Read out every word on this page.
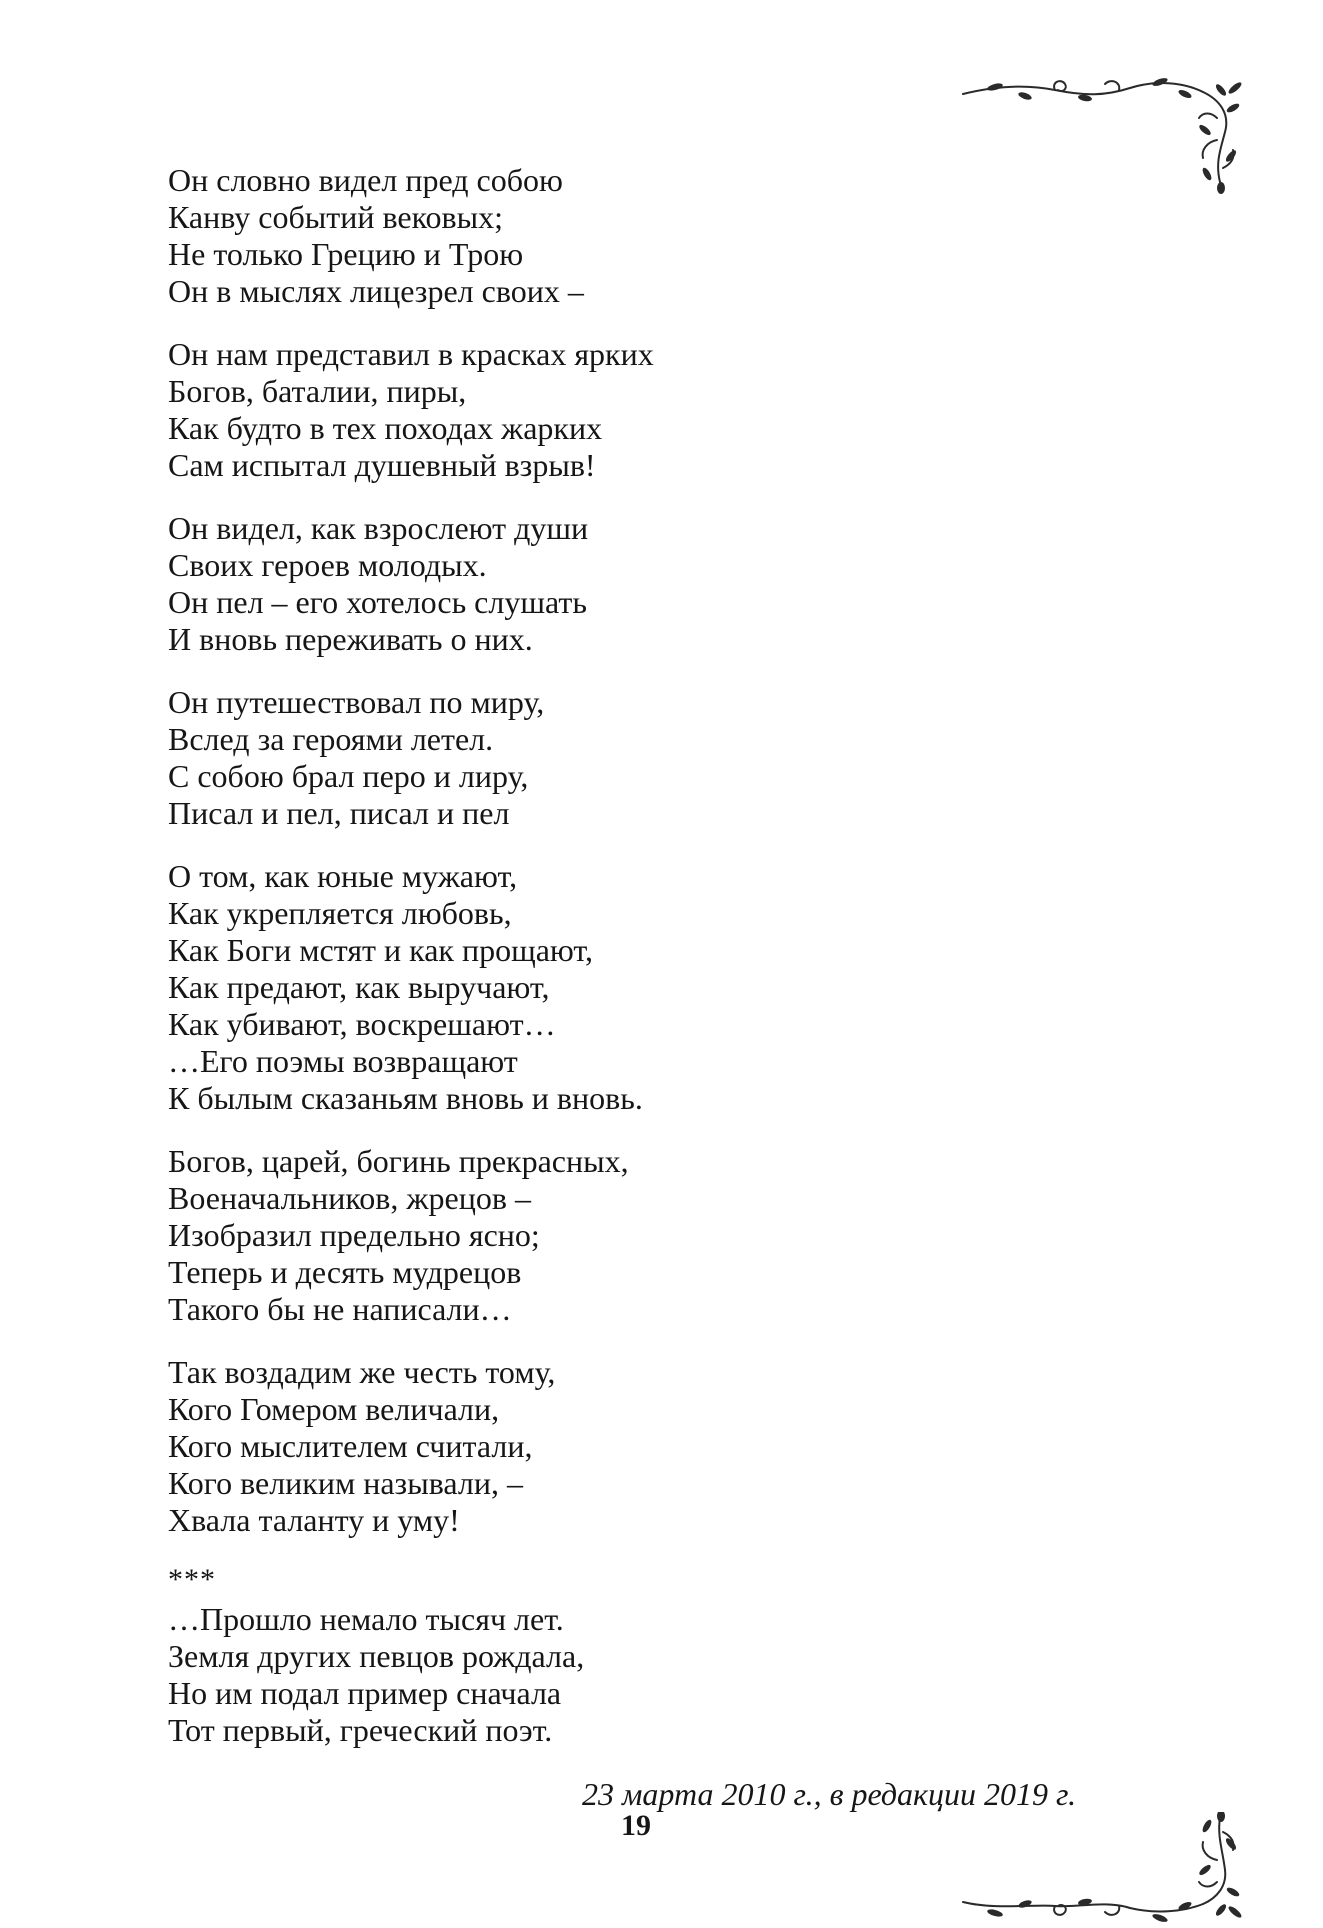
Он словно видел пред собою
Канву событий вековых;
Не только Грецию и Трою
Он в мыслях лицезрел своих –
Он нам представил в красках ярких
Богов, баталии, пиры,
Как будто в тех походах жарких
Сам испытал душевный взрыв!
Он видел, как взрослеют души
Своих героев молодых.
Он пел – его хотелось слушать
И вновь переживать о них.
Он путешествовал по миру,
Вслед за героями летел.
С собою брал перо и лиру,
Писал и пел, писал и пел
О том, как юные мужают,
Как укрепляется любовь,
Как Боги мстят и как прощают,
Как предают, как выручают,
Как убивают, воскрешают…
…Его поэмы возвращают
К былым сказаньям вновь и вновь.
Богов, царей, богинь прекрасных,
Военачальников, жрецов –
Изобразил предельно ясно;
Теперь и десять мудрецов
Такого бы не написали…
Так воздадим же честь тому,
Кого Гомером величали,
Кого мыслителем считали,
Кого великим называли, –
Хвала таланту и уму!
***
…Прошло немало тысяч лет.
Земля других певцов рождала,
Но им подал пример сначала
Тот первый, греческий поэт.
23 марта 2010 г., в редакции 2019 г.
19
